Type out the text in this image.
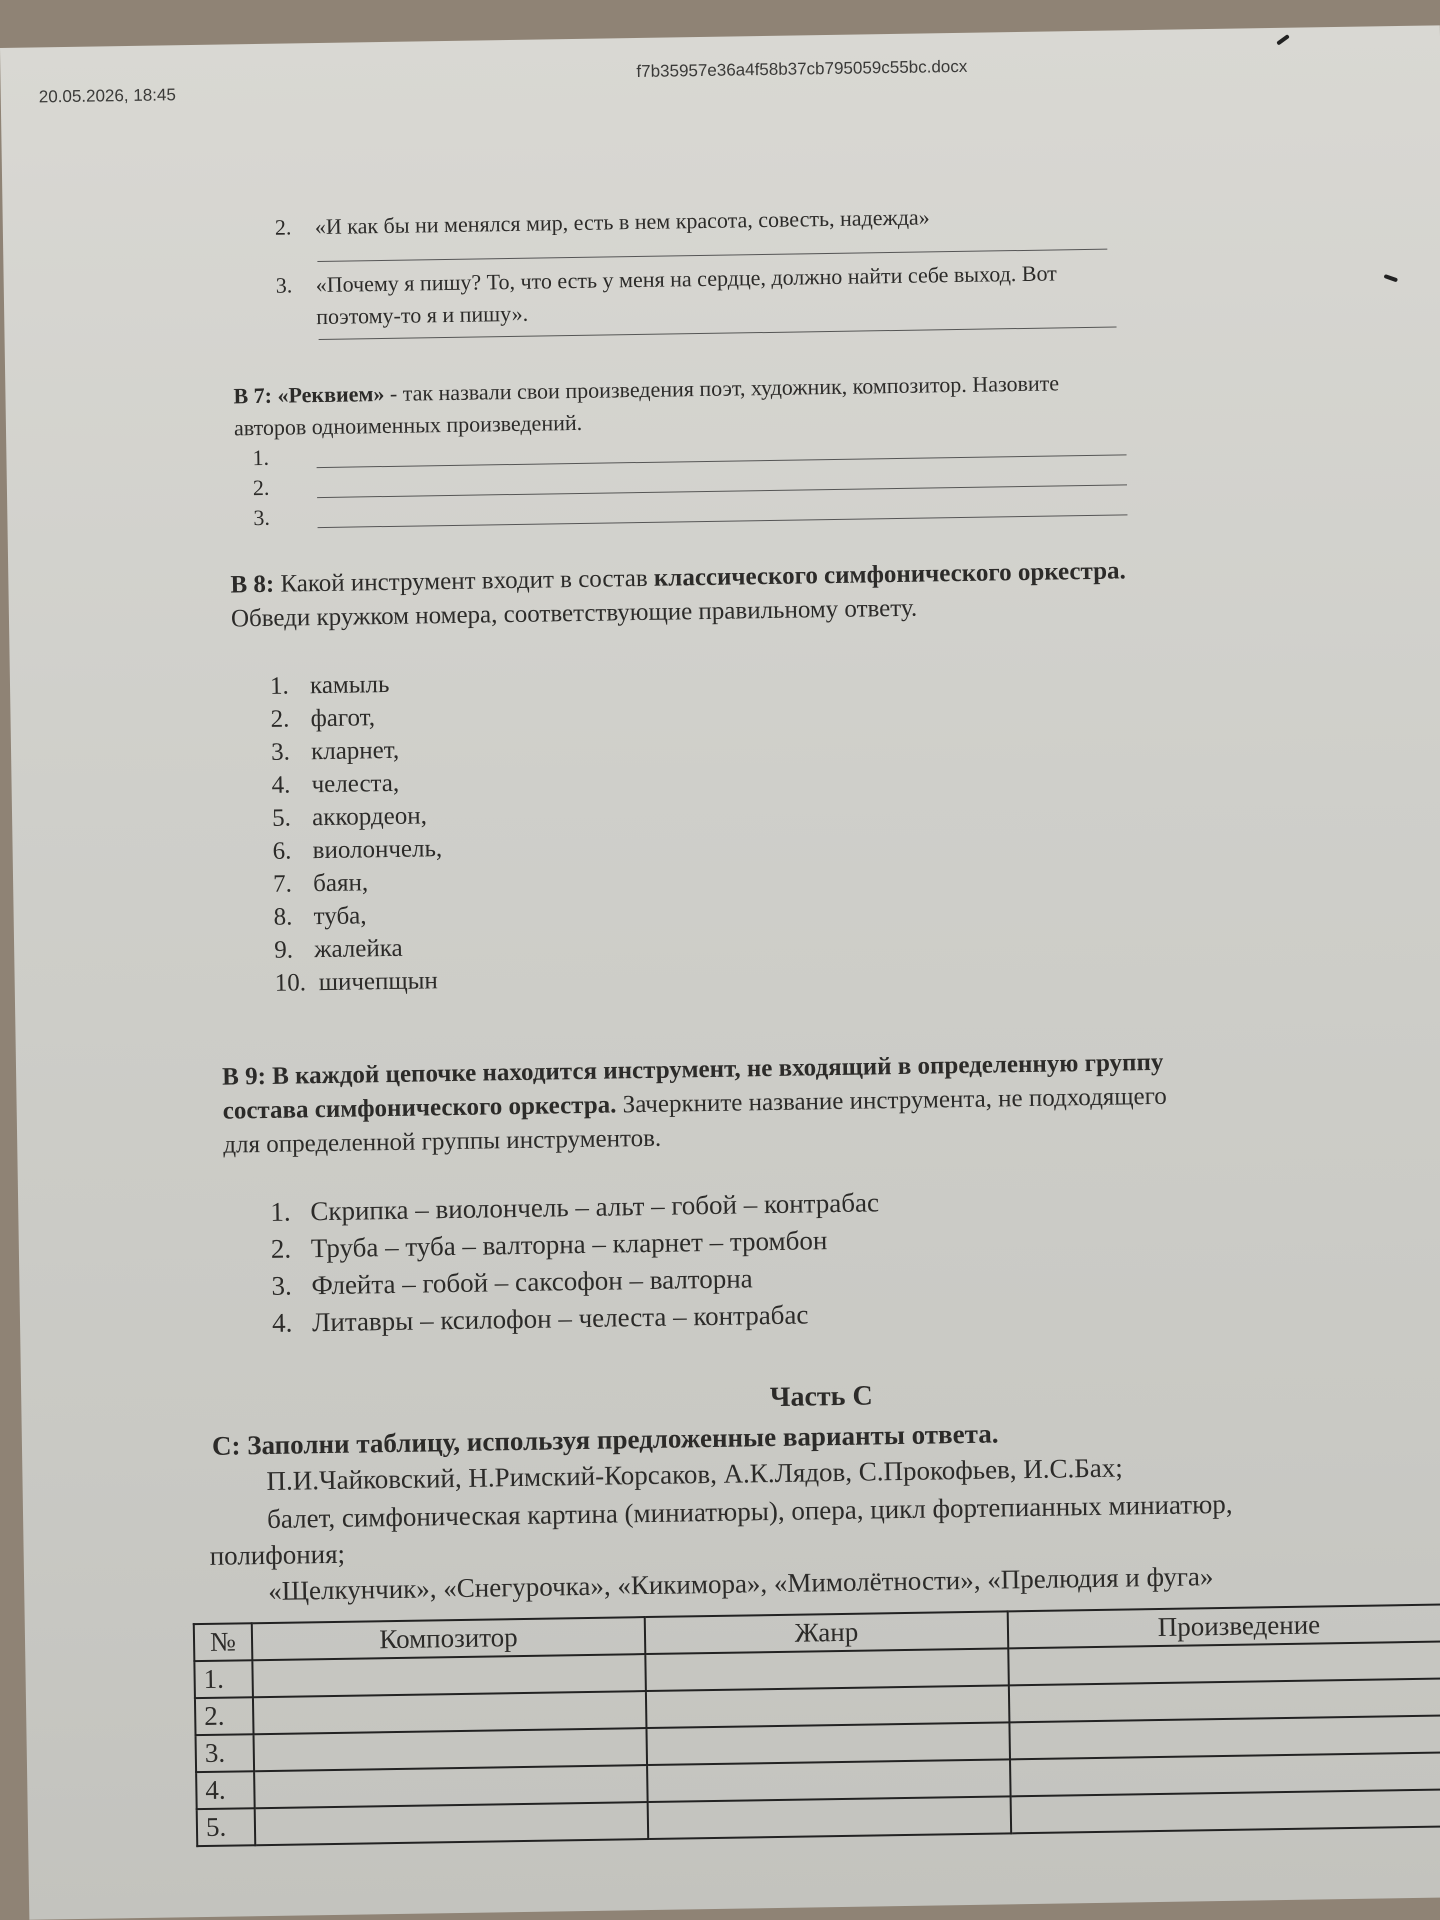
20.05.2026, 18:45
f7b35957e36a4f58b37cb795059c55bc.docx
2. «И как бы ни менялся мир, есть в нем красота, совесть, надежда»
3. «Почему я пишу? То, что есть у меня на сердце, должно найти себе выход. Вот
поэтому-то я и пишу».
В 7: «Реквием» - так назвали свои произведения поэт, художник, композитор. Назовите
авторов одноименных произведений.
1.
2.
3.
В 8: Какой инструмент входит в состав классического симфонического оркестра.
Обведи кружком номера, соответствующие правильному ответу.
1. камыль
2. фагот,
3. кларнет,
4. челеста,
5. аккордеон,
6. виолончель,
7. баян,
8. туба,
9. жалейка
10. шичепщын
В 9: В каждой цепочке находится инструмент, не входящий в определенную группу
состава симфонического оркестра. Зачеркните название инструмента, не подходящего
для определенной группы инструментов.
1. Скрипка – виолончель – альт – гобой – контрабас
2. Труба – туба – валторна – кларнет – тромбон
3. Флейта – гобой – саксофон – валторна
4. Литавры – ксилофон – челеста – контрабас
Часть С
С: Заполни таблицу, используя предложенные варианты ответа.
П.И.Чайковский, Н.Римский-Корсаков, А.К.Лядов, С.Прокофьев, И.С.Бах;
балет, симфоническая картина (миниатюры), опера, цикл фортепианных миниатюр,
полифония;
«Щелкунчик», «Снегурочка», «Кикимора», «Мимолётности», «Прелюдия и фуга»
№	Композитор	Жанр	Произведение
1.			
2.			
3.			
4.			
5.			
